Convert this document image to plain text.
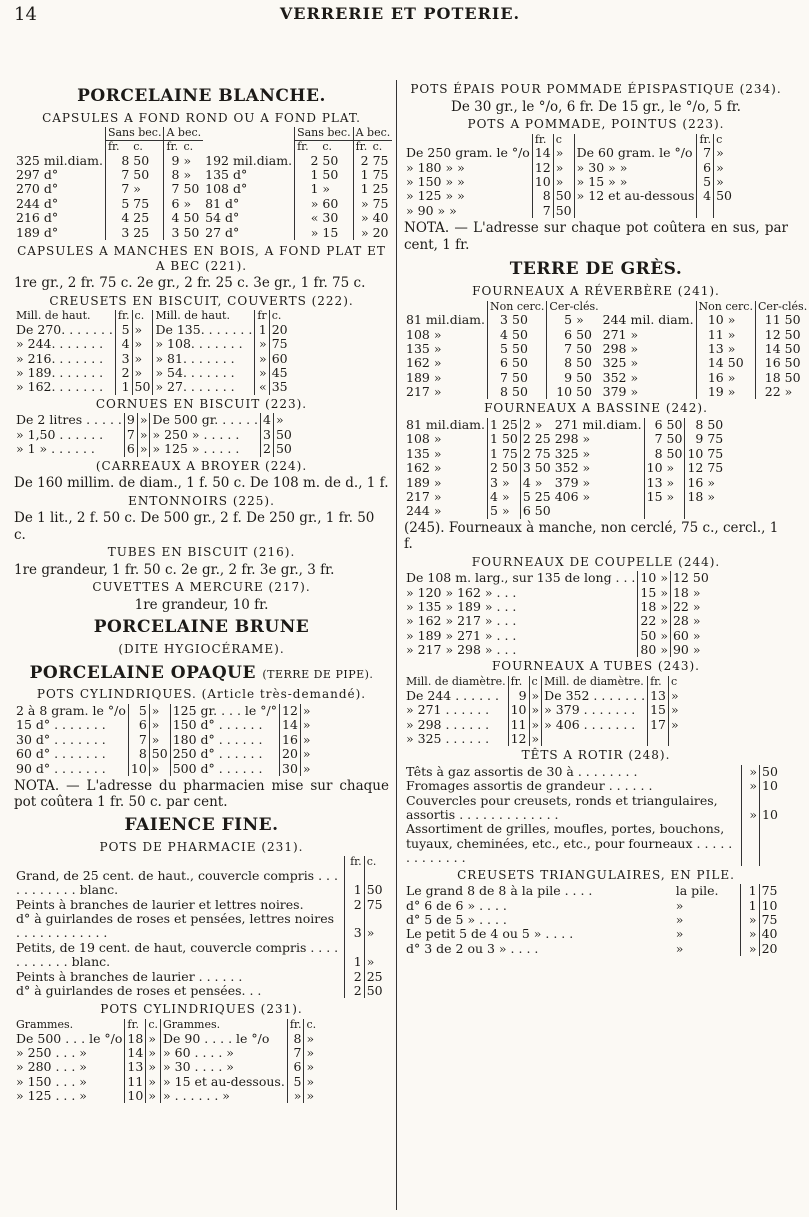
14	VERRERIE ET POTERIE.
PORCELAINE BLANCHE.
CAPSULES A FOND ROND OU A FOND PLAT.
	Sans bec.		A bec.			Sans bec.		A bec.	
	fr.	c.	fr.	c.		fr.	c.	fr.	c.
325 mil.diam.	8	50	9	»	192 mil.diam.	2	50	2	75
297 d°	7	50	8	»	135 d°	1	50	1	75
270 d°	7	»	7	50	108 d°	1	»	1	25
244 d°	5	75	6	»	81 d°	»	60	»	75
216 d°	4	25	4	50	54 d°	«	30	»	40
189 d°	3	25	3	50	27 d°	»	15	»	20
CAPSULES A MANCHES EN BOIS, A FOND PLAT ET A BEC (221).
1re gr., 2 fr. 75 c. 2e gr., 2 fr. 25 c. 3e gr., 1 fr. 75 c.
CREUSETS EN BISCUIT, COUVERTS (222).
Mill. de haut.	fr.	c.	Mill. de haut.	fr	c.
De 270. . . . . . .	5	»	De 135. . . . . . .	1	20
» 244. . . . . . .	4	»	» 108. . . . . . .	»	75
» 216. . . . . . .	3	»	» 81. . . . . . .	»	60
» 189. . . . . . .	2	»	» 54. . . . . . .	»	45
» 162. . . . . . .	1	50	» 27. . . . . . .	«	35
CORNUES EN BISCUIT (223).
De 2 litres . . . . .	9	»	De 500 gr. . . . . .	4	»
» 1,50 . . . . . .	7	»	» 250 » . . . . .	3	50
» 1 » . . . . . .	6	»	» 125 » . . . . .	2	50
(CARREAUX A BROYER (224).
De 160 millim. de diam., 1 f. 50 c. De 108 m. de d., 1 f.
ENTONNOIRS (225).
De 1 lit., 2 f. 50 c. De 500 gr., 2 f. De 250 gr., 1 fr. 50 c.
TUBES EN BISCUIT (216).
1re grandeur, 1 fr. 50 c. 2e gr., 2 fr. 3e gr., 3 fr.
CUVETTES A MERCURE (217).
1re grandeur, 10 fr.
PORCELAINE BRUNE
(DITE HYGIOCÉRAME).
PORCELAINE OPAQUE (TERRE DE PIPE).
POTS CYLINDRIQUES. (Article très-demandé).
2 à 8 gram. le °/o	5	»	125 gr. . . . le °/°	12	»
15 d° . . . . . . .	6	»	150 d° . . . . . .	14	»
30 d° . . . . . . .	7	»	180 d° . . . . . .	16	»
60 d° . . . . . . .	8	50	250 d° . . . . . .	20	»
90 d° . . . . . . .	10	»	500 d° . . . . . .	30	»
NOTA. — L'adresse du pharmacien mise sur chaque pot coûtera 1 fr. 50 c. par cent.
FAIENCE FINE.
POTS DE PHARMACIE (231).
	fr.	c.
Grand, de 25 cent. de haut., couvercle compris . . . . . . . . . . . blanc.	1	50
Peints à branches de laurier et lettres noires.	2	75
d° à guirlandes de roses et pensées, lettres noires . . . . . . . . . . . .	3	»
Petits, de 19 cent. de haut, couvercle compris . . . . . . . . . . . blanc.	1	»
Peints à branches de laurier . . . . . .	2	25
d° à guirlandes de roses et pensées. . .	2	50
POTS CYLINDRIQUES (231).
Grammes.	fr.	c.	Grammes.	fr.	c.
De 500 . . . le °/o	18	»	De 90 . . . . le °/o	8	»
» 250 . . . »	14	»	» 60 . . . . »	7	»
» 280 . . . »	13	»	» 30 . . . . »	6	»
» 150 . . . »	11	»	» 15 et au-dessous.	5	»
» 125 . . . »	10	»	» . . . . . . »	»	»
POTS ÉPAIS POUR POMMADE ÉPISPASTIQUE (234).
De 30 gr., le °/o, 6 fr. De 15 gr., le °/o, 5 fr.
POTS A POMMADE, POINTUS (223).
	fr.	c		fr.	c
De 250 gram. le °/o	14	»	De 60 gram. le °/o	7	»
» 180 » »	12	»	» 30 » »	6	»
» 150 » »	10	»	» 15 » »	5	»
» 125 » »	8	50	» 12 et au-dessous	4	50
» 90 » »	7	50			
NOTA. — L'adresse sur chaque pot coûtera en sus, par cent, 1 fr.
TERRE DE GRÈS.
FOURNEAUX A RÉVERBÈRE (241).
	Non cerc.		Cer-clés.			Non cerc.		Cer-clés.	
81 mil.diam.	3	50	5	»	244 mil. diam.	10	»	11	50
108 »	4	50	6	50	271 »	11	»	12	50
135 »	5	50	7	50	298 »	13	»	14	50
162 »	6	50	8	50	325 »	14	50	16	50
189 »	7	50	9	50	352 »	16	»	18	50
217 »	8	50	10	50	379 »	19	»	22	»
FOURNEAUX A BASSINE (242).
81 mil.diam.	1	25	2	»	271 mil.diam.	6	50	8	50
108 »	1	50	2	25	298 »	7	50	9	75
135 »	1	75	2	75	325 »	8	50	10	75
162 »	2	50	3	50	352 »	10	»	12	75
189 »	3	»	4	»	379 »	13	»	16	»
217 »	4	»	5	25	406 »	15	»	18	»
244 »	5	»	6	50					
(245). Fourneaux à manche, non cerclé, 75 c., cercl., 1 f.
FOURNEAUX DE COUPELLE (244).
De 108 m. larg., sur 135 de long . . .	10	»	12	50
» 120 » 162 » . . .	15	»	18	»
» 135 » 189 » . . .	18	»	22	»
» 162 » 217 » . . .	22	»	28	»
» 189 » 271 » . . .	50	»	60	»
» 217 » 298 » . . .	80	»	90	»
FOURNEAUX A TUBES (243).
Mill. de diamètre.	fr.	c	Mill. de diamètre.	fr.	c
De 244 . . . . . .	9	»	De 352 . . . . . . .	13	»
» 271 . . . . . .	10	»	» 379 . . . . . . .	15	»
» 298 . . . . . .	11	»	» 406 . . . . . . .	17	»
» 325 . . . . . .	12	»			
TÊTS A ROTIR (248).
Têts à gaz assortis de 30 à . . . . . . . .	»	50
Fromages assortis de grandeur . . . . . .	»	10
Couvercles pour creusets, ronds et triangulaires, assortis . . . . . . . . . . . . .	»	10
Assortiment de grilles, moufles, portes, bouchons, tuyaux, cheminées, etc., etc., pour fourneaux . . . . . . . . . . . . .		
CREUSETS TRIANGULAIRES, EN PILE.
Le grand 8 de 8 à la pile . . . .	la pile.	1	75
d° 6 de 6 » . . . .	»	1	10
d° 5 de 5 » . . . .	»	»	75
Le petit 5 de 4 ou 5 » . . . .	»	»	40
d° 3 de 2 ou 3 » . . . .	»	»	20
